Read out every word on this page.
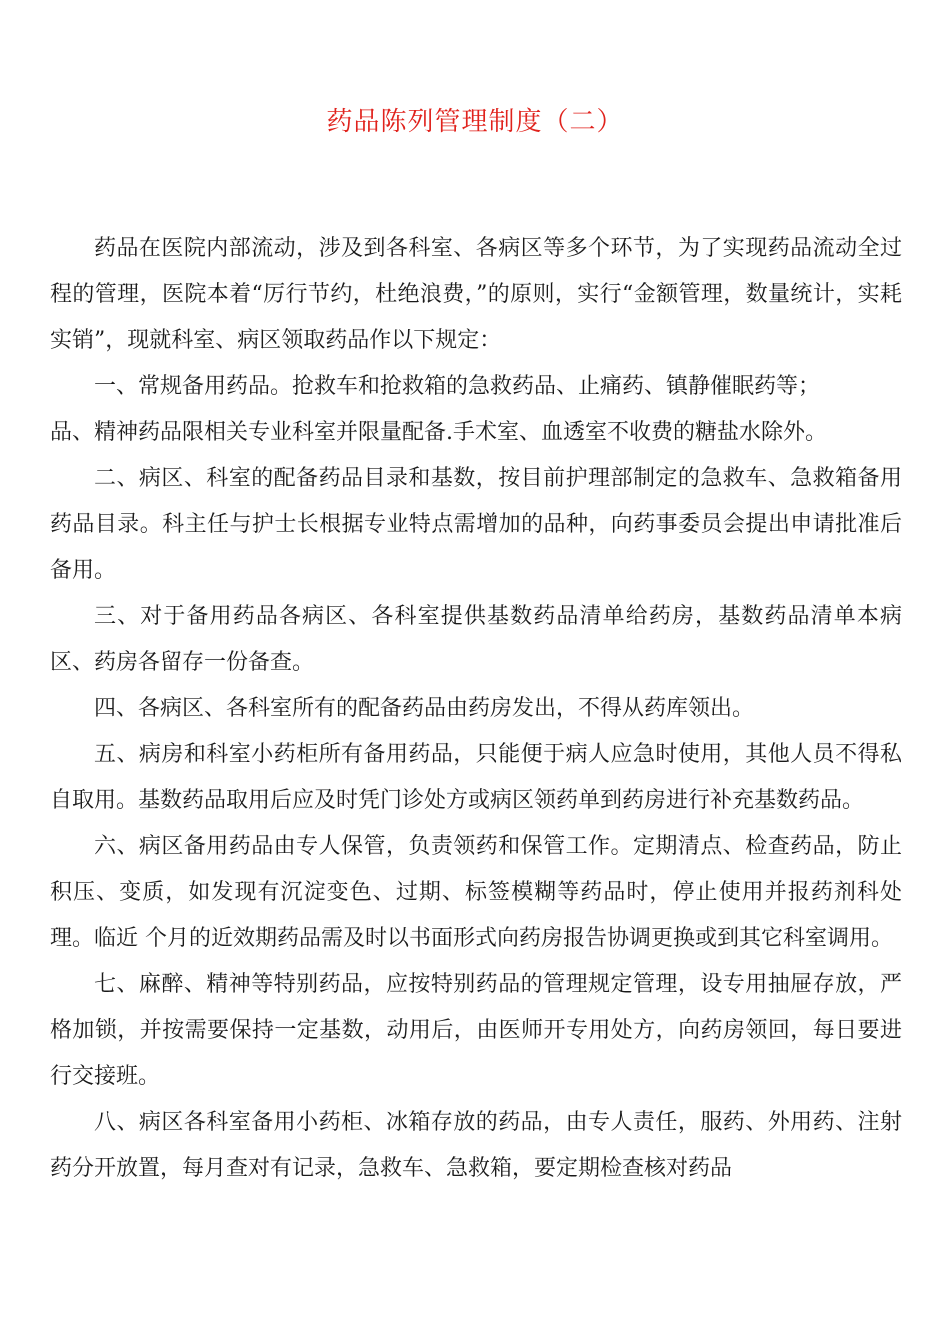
药品陈列管理制度（二）

药品在医院内部流动，涉及到各科室、各病区等多个环节，为了实现药品流动全过程的管理，医院本着“厉行节约，杜绝浪费，”的原则，实行“金额管理，数量统计，实耗实销”，现就科室、病区领取药品作以下规定：

一、常规备用药品。抢救车和抢救箱的急救药品、止痛药、镇静催眠药等；

品、精神药品限相关专业科室并限量配备.手术室、血透室不收费的糖盐水除外。

二、病区、科室的配备药品目录和基数，按目前护理部制定的急救车、急救箱备用药品目录。科主任与护士长根据专业特点需增加的品种，向药事委员会提出申请批准后备用。

三、对于备用药品各病区、各科室提供基数药品清单给药房，基数药品清单本病区、药房各留存一份备查。

四、各病区、各科室所有的配备药品由药房发出，不得从药库领出。

五、病房和科室小药柜所有备用药品，只能便于病人应急时使用，其他人员不得私自取用。基数药品取用后应及时凭门诊处方或病区领药单到药房进行补充基数药品。

六、病区备用药品由专人保管，负责领药和保管工作。定期清点、检查药品，防止积压、变质，如发现有沉淀变色、过期、标签模糊等药品时，停止使用并报药剂科处理。临近 个月的近效期药品需及时以书面形式向药房报告协调更换或到其它科室调用。

七、麻醉、精神等特别药品，应按特别药品的管理规定管理，设专用抽屉存放，严格加锁，并按需要保持一定基数，动用后，由医师开专用处方，向药房领回，每日要进行交接班。

八、病区各科室备用小药柜、冰箱存放的药品，由专人责任，服药、外用药、注射药分开放置，每月查对有记录，急救车、急救箱，要定期检查核对药品
